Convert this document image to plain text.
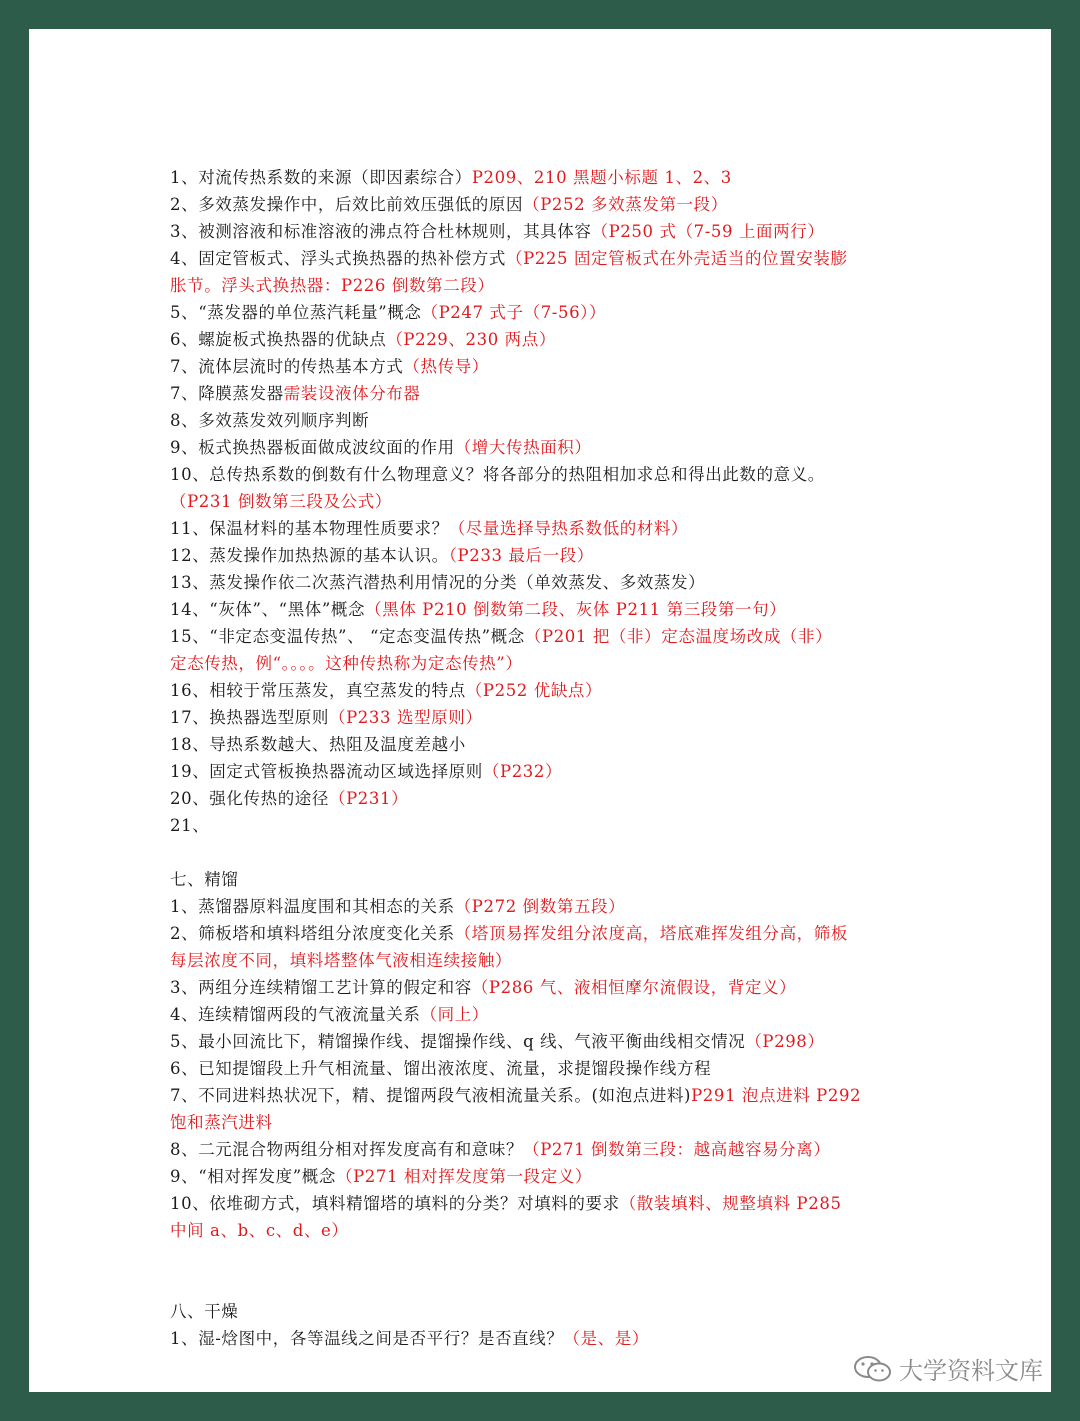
1、对流传热系数的来源（即因素综合）P209、210 黑题小标题 1、2、3
2、多效蒸发操作中，后效比前效压强低的原因（P252 多效蒸发第一段）
3、被测溶液和标准溶液的沸点符合杜林规则，其具体容（P250 式（7-59 上面两行）
4、固定管板式、浮头式换热器的热补偿方式（P225 固定管板式在外壳适当的位置安装膨
胀节。浮头式换热器：P226 倒数第二段）
5、“蒸发器的单位蒸汽耗量”概念（P247 式子（7-56））
6、螺旋板式换热器的优缺点（P229、230 两点）
7、流体层流时的传热基本方式（热传导）
7、降膜蒸发器需装设液体分布器
8、多效蒸发效列顺序判断
9、板式换热器板面做成波纹面的作用（增大传热面积）
10、总传热系数的倒数有什么物理意义？将各部分的热阻相加求总和得出此数的意义。
（P231 倒数第三段及公式）
11、保温材料的基本物理性质要求？（尽量选择导热系数低的材料）
12、蒸发操作加热热源的基本认识。（P233 最后一段）
13、蒸发操作依二次蒸汽潜热利用情况的分类（单效蒸发、多效蒸发）
14、“灰体”、“黑体”概念（黑体 P210 倒数第二段、灰体 P211 第三段第一句）
15、“非定态变温传热”、 “定态变温传热”概念（P201 把（非）定态温度场改成（非）
定态传热，例“。。。。这种传热称为定态传热”）
16、相较于常压蒸发，真空蒸发的特点（P252 优缺点）
17、换热器选型原则（P233 选型原则）
18、导热系数越大、热阻及温度差越小
19、固定式管板换热器流动区域选择原则（P232）
20、强化传热的途径（P231）
21、
七、精馏
1、蒸馏器原料温度围和其相态的关系（P272 倒数第五段）
2、筛板塔和填料塔组分浓度变化关系（塔顶易挥发组分浓度高，塔底难挥发组分高，筛板
每层浓度不同，填料塔整体气液相连续接触）
3、两组分连续精馏工艺计算的假定和容（P286 气、液相恒摩尔流假设，背定义）
4、连续精馏两段的气液流量关系（同上）
5、最小回流比下，精馏操作线、提馏操作线、q 线、气液平衡曲线相交情况（P298）
6、已知提馏段上升气相流量、馏出液浓度、流量，求提馏段操作线方程
7、不同进料热状况下，精、提馏两段气液相流量关系。(如泡点进料)P291 泡点进料 P292
饱和蒸汽进料
8、二元混合物两组分相对挥发度高有和意味？（P271 倒数第三段：越高越容易分离）
9、“相对挥发度”概念（P271 相对挥发度第一段定义）
10、依堆砌方式，填料精馏塔的填料的分类？对填料的要求（散装填料、规整填料 P285
中间 a、b、c、d、e）
八、干燥
1、湿-焓图中，各等温线之间是否平行？是否直线？（是、是）
大学资料文库
